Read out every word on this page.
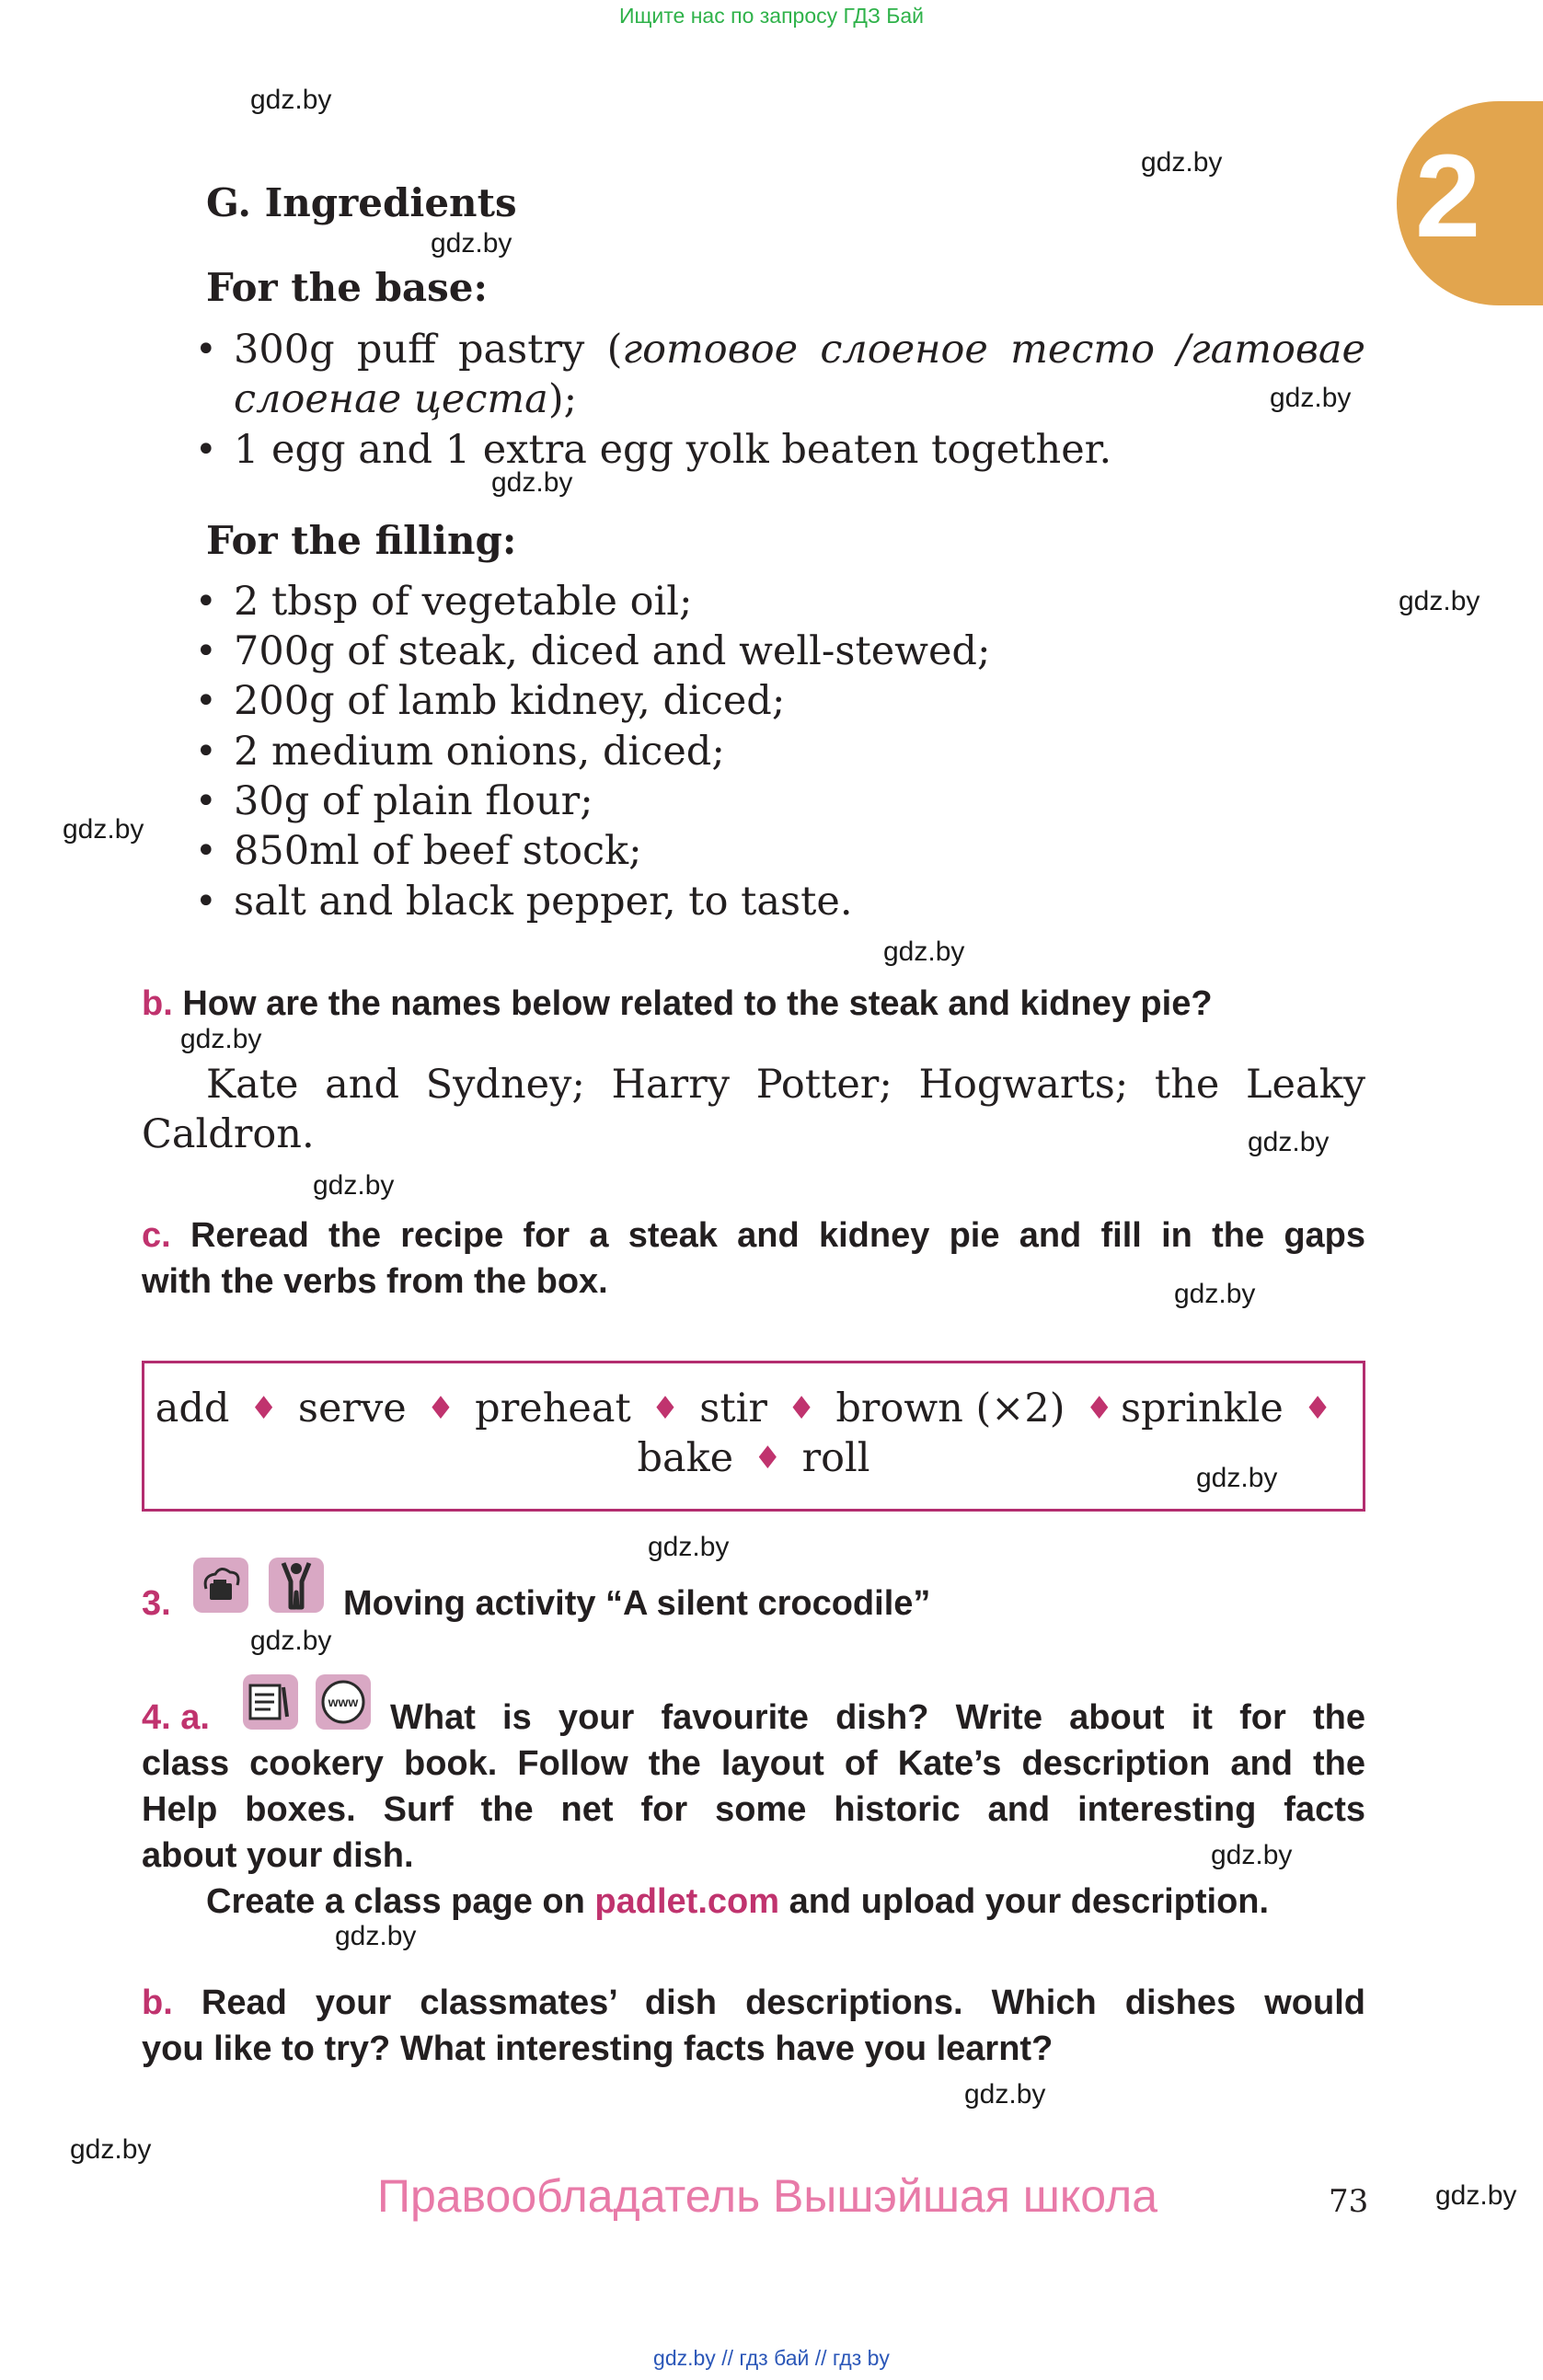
Ищите нас по запросу ГДЗ Бай
2
gdz.by
gdz.by
gdz.by
gdz.by
gdz.by
gdz.by
gdz.by
gdz.by
gdz.by
gdz.by
gdz.by
gdz.by
gdz.by
gdz.by
gdz.by
gdz.by
gdz.by
gdz.by
gdz.by
gdz.by
G. Ingredients
For the base:
• 300g puff pastry (готовое слоеное тесто /гатовае
слоенае цеста);
• 1 egg and 1 extra egg yolk beaten together.
For the filling:
• 2 tbsp of vegetable oil;
• 700g of steak, diced and well-stewed;
• 200g of lamb kidney, diced;
• 2 medium onions, diced;
• 30g of plain flour;
• 850ml of beef stock;
• salt and black pepper, to taste.
b. How are the names below related to the steak and kidney pie?
Kate and Sydney; Harry Potter; Hogwarts; the Leaky
Caldron.
c. Reread the recipe for a steak and kidney pie and fill in the gaps
with the verbs from the box.
add ♦ serve ♦ preheat ♦ stir ♦ brown (×2) ♦ sprinkle ♦
bake ♦ roll
3.	Moving activity “A silent crocodile”
4. a.	www What is your favourite dish? Write about it for the
class cookery book. Follow the layout of Kate’s description and the
Help boxes. Surf the net for some historic and interesting facts
about your dish.
Create a class page on padlet.com and upload your description.
b. Read your classmates’ dish descriptions. Which dishes would
you like to try? What interesting facts have you learnt?
Правообладатель Вышэйшая школа	73
gdz.by // гдз бай // гдз by
